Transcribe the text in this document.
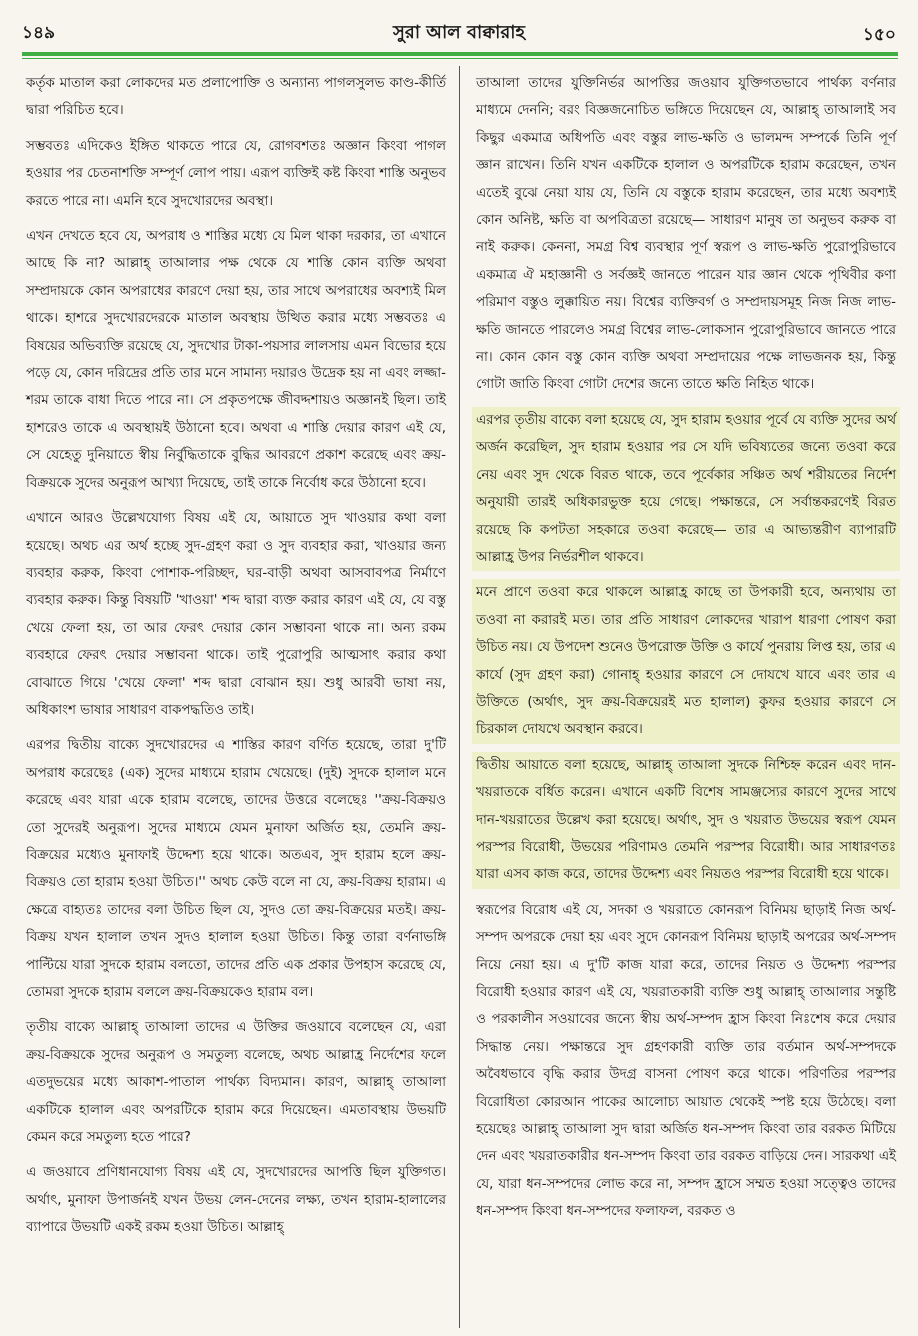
১৪৯	সুরা আল বাক্বারাহ	১৫০

কর্তৃক মাতাল করা লোকদের মত প্রলাপোক্তি ও অন্যান্য পাগলসুলভ কাণ্ড-কীর্তি দ্বারা পরিচিত হবে।

সম্ভবতঃ এদিকেও ইঙ্গিত থাকতে পারে যে, রোগবশতঃ অজ্ঞান কিংবা পাগল হওয়ার পর চেতনাশক্তি সম্পূর্ণ লোপ পায়। এরূপ ব্যক্তিই কষ্ট কিংবা শাস্তি অনুভব করতে পারে না। এমনি হবে সুদখোরদের অবস্থা।

এখন দেখতে হবে যে, অপরাধ ও শাস্তির মধ্যে যে মিল থাকা দরকার, তা এখানে আছে কি না? আল্লাহ্ তাআলার পক্ষ থেকে যে শাস্তি কোন ব্যক্তি অথবা সম্প্রদায়কে কোন অপরাধের কারণে দেয়া হয়, তার সাথে অপরাধের অবশ্যই মিল থাকে। হাশরে সুদখোরদেরকে মাতাল অবস্থায় উত্থিত করার মধ্যে সম্ভবতঃ এ বিষয়ের অভিব্যক্তি রয়েছে যে, সুদখোর টাকা-পয়সার লালসায় এমন বিভোর হয়ে পড়ে যে, কোন দরিদ্রের প্রতি তার মনে সামান্য দয়ারও উদ্রেক হয় না এবং লজ্জা-শরম তাকে বাধা দিতে পারে না। সে প্রকৃতপক্ষে জীবদ্দশায়ও অজ্ঞানই ছিল। তাই হাশরেও তাকে এ অবস্থায়ই উঠানো হবে। অথবা এ শাস্তি দেয়ার কারণ এই যে, সে যেহেতু দুনিয়াতে স্বীয় নির্বুদ্ধিতাকে বুদ্ধির আবরণে প্রকাশ করেছে এবং ক্রয়-বিক্রয়কে সুদের অনুরূপ আখ্যা দিয়েছে, তাই তাকে নির্বোধ করে উঠানো হবে।

এখানে আরও উল্লেখযোগ্য বিষয় এই যে, আয়াতে সুদ খাওয়ার কথা বলা হয়েছে। অথচ এর অর্থ হচ্ছে সুদ-গ্রহণ করা ও সুদ ব্যবহার করা, খাওয়ার জন্য ব্যবহার করুক, কিংবা পোশাক-পরিচ্ছদ, ঘর-বাড়ী অথবা আসবাবপত্র নির্মাণে ব্যবহার করুক। কিন্তু বিষয়টি 'খাওয়া' শব্দ দ্বারা ব্যক্ত করার কারণ এই যে, যে বস্তু খেয়ে ফেলা হয়, তা আর ফেরৎ দেয়ার কোন সম্ভাবনা থাকে না। অন্য রকম ব্যবহারে ফেরৎ দেয়ার সম্ভাবনা থাকে। তাই পুরোপুরি আত্মসাৎ করার কথা বোঝাতে গিয়ে 'খেয়ে ফেলা' শব্দ দ্বারা বোঝান হয়। শুধু আরবী ভাষা নয়, অধিকাংশ ভাষার সাধারণ বাকপদ্ধতিও তাই।

এরপর দ্বিতীয় বাক্যে সুদখোরদের এ শাস্তির কারণ বর্ণিত হয়েছে, তারা দু'টি অপরাধ করেছেঃ (এক) সুদের মাধ্যমে হারাম খেয়েছে। (দুই) সুদকে হালাল মনে করেছে এবং যারা একে হারাম বলেছে, তাদের উত্তরে বলেছেঃ ''ক্রয়-বিক্রয়ও তো সুদেরই অনুরূপ। সুদের মাধ্যমে যেমন মুনাফা অর্জিত হয়, তেমনি ক্রয়-বিক্রয়ের মধ্যেও মুনাফাই উদ্দেশ্য হয়ে থাকে। অতএব, সুদ হারাম হলে ক্রয়-বিক্রয়ও তো হারাম হওয়া উচিত।'' অথচ কেউ বলে না যে, ক্রয়-বিক্রয় হারাম। এ ক্ষেত্রে বাহ্যতঃ তাদের বলা উচিত ছিল যে, সুদও তো ক্রয়-বিক্রয়ের মতই। ক্রয়-বিক্রয় যখন হালাল তখন সুদও হালাল হওয়া উচিত। কিন্তু তারা বর্ণনাভঙ্গি পাল্টিয়ে যারা সুদকে হারাম বলতো, তাদের প্রতি এক প্রকার উপহাস করেছে যে, তোমরা সুদকে হারাম বললে ক্রয়-বিক্রয়কেও হারাম বল।

তৃতীয় বাক্যে আল্লাহ্ তাআলা তাদের এ উক্তির জওয়াবে বলেছেন যে, এরা ক্রয়-বিক্রয়কে সুদের অনুরূপ ও সমতুল্য বলেছে, অথচ আল্লাহ্র নির্দেশের ফলে এতদুভয়ের মধ্যে আকাশ-পাতাল পার্থক্য বিদ্যমান। কারণ, আল্লাহ্ তাআলা একটিকে হালাল এবং অপরটিকে হারাম করে দিয়েছেন। এমতাবস্থায় উভয়টি কেমন করে সমতুল্য হতে পারে?

এ জওয়াবে প্রণিধানযোগ্য বিষয় এই যে, সুদখোরদের আপত্তি ছিল যুক্তিগত। অর্থাৎ, মুনাফা উপার্জনই যখন উভয় লেন-দেনের লক্ষ্য, তখন হারাম-হালালের ব্যাপারে উভয়টি একই রকম হওয়া উচিত। আল্লাহ্

তাআলা তাদের যুক্তিনির্ভর আপত্তির জওয়াব যুক্তিগতভাবে পার্থক্য বর্ণনার মাধ্যমে দেননি; বরং বিজ্ঞজনোচিত ভঙ্গিতে দিয়েছেন যে, আল্লাহ্ তাআলাই সব কিছুর একমাত্র অধিপতি এবং বস্তুর লাভ-ক্ষতি ও ভালমন্দ সম্পর্কে তিনি পূর্ণ জ্ঞান রাখেন। তিনি যখন একটিকে হালাল ও অপরটিকে হারাম করেছেন, তখন এতেই বুঝে নেয়া যায় যে, তিনি যে বস্তুকে হারাম করেছেন, তার মধ্যে অবশ্যই কোন অনিষ্ট, ক্ষতি বা অপবিত্রতা রয়েছে— সাধারণ মানুষ তা অনুভব করুক বা নাই করুক। কেননা, সমগ্র বিশ্ব ব্যবস্থার পূর্ণ স্বরূপ ও লাভ-ক্ষতি পুরোপুরিভাবে একমাত্র ঐ মহাজ্ঞানী ও সর্বজ্ঞই জানতে পারেন যার জ্ঞান থেকে পৃথিবীর কণা পরিমাণ বস্তুও লুক্কায়িত নয়। বিশ্বের ব্যক্তিবর্গ ও সম্প্রদায়সমূহ নিজ নিজ লাভ-ক্ষতি জানতে পারলেও সমগ্র বিশ্বের লাভ-লোকসান পুরোপুরিভাবে জানতে পারে না। কোন কোন বস্তু কোন ব্যক্তি অথবা সম্প্রদায়ের পক্ষে লাভজনক হয়, কিন্তু গোটা জাতি কিংবা গোটা দেশের জন্যে তাতে ক্ষতি নিহিত থাকে।

এরপর তৃতীয় বাক্যে বলা হয়েছে যে, সুদ হারাম হওয়ার পূর্বে যে ব্যক্তি সুদের অর্থ অর্জন করেছিল, সুদ হারাম হওয়ার পর সে যদি ভবিষ্যতের জন্যে তওবা করে নেয় এবং সুদ থেকে বিরত থাকে, তবে পূর্বেকার সঞ্চিত অর্থ শরীয়তের নির্দেশ অনুযায়ী তারই অধিকারভুক্ত হয়ে গেছে। পক্ষান্তরে, সে সর্বান্তকরণেই বিরত রয়েছে কি কপটতা সহকারে তওবা করেছে— তার এ আভ্যন্তরীণ ব্যাপারটি আল্লাহ্র উপর নির্ভরশীল থাকবে।

মনে প্রাণে তওবা করে থাকলে আল্লাহ্র কাছে তা উপকারী হবে, অন্যথায় তা তওবা না করারই মত। তার প্রতি সাধারণ লোকদের খারাপ ধারণা পোষণ করা উচিত নয়। যে উপদেশ শুনেও উপরোক্ত উক্তি ও কার্যে পুনরায় লিপ্ত হয়, তার এ কার্যে (সুদ গ্রহণ করা) গোনাহ্ হওয়ার কারণে সে দোযখে যাবে এবং তার এ উক্তিতে (অর্থাৎ, সুদ ক্রয়-বিক্রয়েরই মত হালাল) কুফর হওয়ার কারণে সে চিরকাল দোযখে অবস্থান করবে।

দ্বিতীয় আয়াতে বলা হয়েছে, আল্লাহ্ তাআলা সুদকে নিশ্চিহ্ন করেন এবং দান-খয়রাতকে বর্ধিত করেন। এখানে একটি বিশেষ সামঞ্জস্যের কারণে সুদের সাথে দান-খয়রাতের উল্লেখ করা হয়েছে। অর্থাৎ, সুদ ও খয়রাত উভয়ের স্বরূপ যেমন পরস্পর বিরোধী, উভয়ের পরিণামও তেমনি পরস্পর বিরোধী। আর সাধারণতঃ যারা এসব কাজ করে, তাদের উদ্দেশ্য এবং নিয়তও পরস্পর বিরোধী হয়ে থাকে।

স্বরূপের বিরোধ এই যে, সদকা ও খয়রাতে কোনরূপ বিনিময় ছাড়াই নিজ অর্থ-সম্পদ অপরকে দেয়া হয় এবং সুদে কোনরূপ বিনিময় ছাড়াই অপরের অর্থ-সম্পদ নিয়ে নেয়া হয়। এ দু'টি কাজ যারা করে, তাদের নিয়ত ও উদ্দেশ্য পরস্পর বিরোধী হওয়ার কারণ এই যে, খয়রাতকারী ব্যক্তি শুধু আল্লাহ্ তাআলার সন্তুষ্টি ও পরকালীন সওয়াবের জন্যে স্বীয় অর্থ-সম্পদ হ্রাস কিংবা নিঃশেষ করে দেয়ার সিদ্ধান্ত নেয়। পক্ষান্তরে সুদ গ্রহণকারী ব্যক্তি তার বর্তমান অর্থ-সম্পদকে অবৈধভাবে বৃদ্ধি করার উদগ্র বাসনা পোষণ করে থাকে। পরিণতির পরস্পর বিরোধিতা কোরআন পাকের আলোচ্য আয়াত থেকেই স্পষ্ট হয়ে উঠেছে। বলা হয়েছেঃ আল্লাহ্ তাআলা সুদ দ্বারা অর্জিত ধন-সম্পদ কিংবা তার বরকত মিটিয়ে দেন এবং খয়রাতকারীর ধন-সম্পদ কিংবা তার বরকত বাড়িয়ে দেন। সারকথা এই যে, যারা ধন-সম্পদের লোভ করে না, সম্পদ হ্রাসে সম্মত হওয়া সত্ত্বেও তাদের ধন-সম্পদ কিংবা ধন-সম্পদের ফলাফল, বরকত ও
